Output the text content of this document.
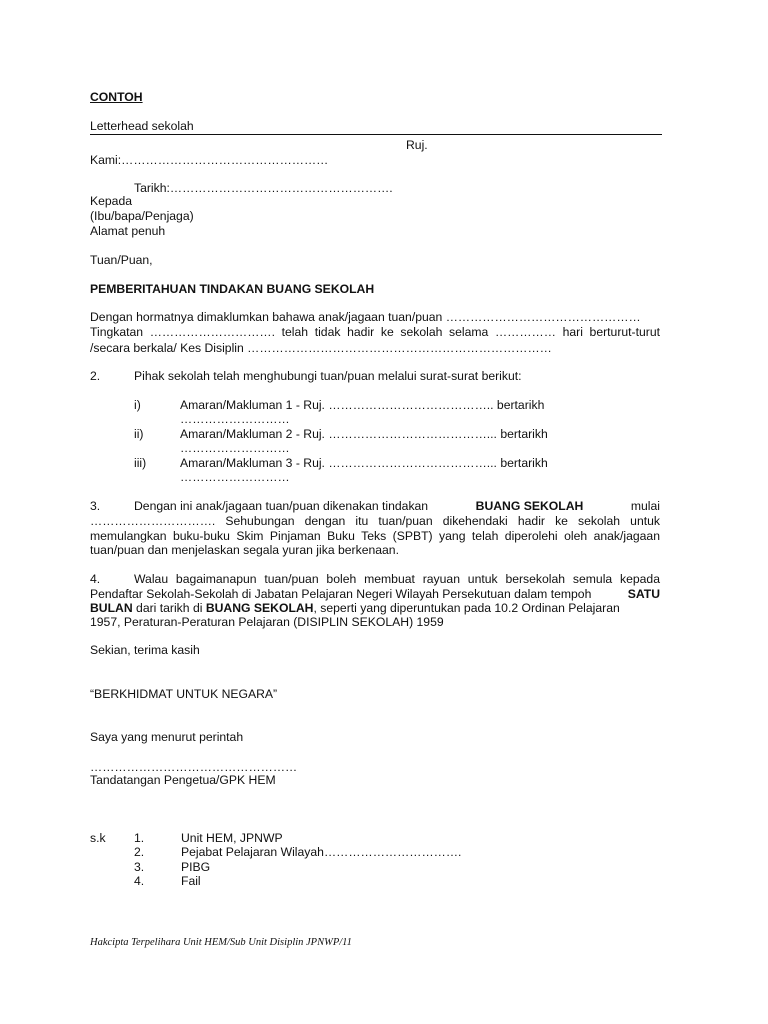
CONTOH
Letterhead sekolah
Ruj.
Kami:……………………………………………
Tarikh:……………………………………………….
Kepada
(Ibu/bapa/Penjaga)
Alamat penuh
Tuan/Puan,
PEMBERITAHUAN TINDAKAN BUANG SEKOLAH
Dengan hormatnya dimaklumkan bahawa anak/jagaan tuan/puan …………………………………………
Tingkatan …………………………. telah tidak hadir ke sekolah selama …………… hari berturut-turut
/secara berkala/ Kes Disiplin …………………………………………………………………
2.	Pihak sekolah telah menghubungi tuan/puan melalui surat-surat berikut:
i)	Amaran/Makluman 1 - Ruj. ………………………………….. bertarikh
………………………
ii)	Amaran/Makluman 2 - Ruj. …………………………………... bertarikh
………………………
iii)	Amaran/Makluman 3 - Ruj. …………………………………... bertarikh
………………………
3.	Dengan ini anak/jagaan tuan/puan dikenakan tindakan	BUANG SEKOLAH	mulai
…………………………. Sehubungan dengan itu tuan/puan dikehendaki hadir ke sekolah untuk
memulangkan buku-buku Skim Pinjaman Buku Teks (SPBT) yang telah diperolehi oleh anak/jagaan
tuan/puan dan menjelaskan segala yuran jika berkenaan.
4.	Walau bagaimanapun tuan/puan boleh membuat rayuan untuk bersekolah semula kepada
Pendaftar Sekolah-Sekolah di Jabatan Pelajaran Negeri Wilayah Persekutuan dalam tempoh	SATU
BULAN dari tarikh di BUANG SEKOLAH, seperti yang diperuntukan pada 10.2 Ordinan Pelajaran
1957, Peraturan-Peraturan Pelajaran (DISIPLIN SEKOLAH) 1959
Sekian, terima kasih
“BERKHIDMAT UNTUK NEGARA”
Saya yang menurut perintah
……………………………………………
Tandatangan Pengetua/GPK HEM
s.k 1.	Unit HEM, JPNWP
2.	Pejabat Pelajaran Wilayah…………………………….
3.	PIBG
4.	Fail
Hakcipta Terpelihara Unit HEM/Sub Unit Disiplin JPNWP/11
